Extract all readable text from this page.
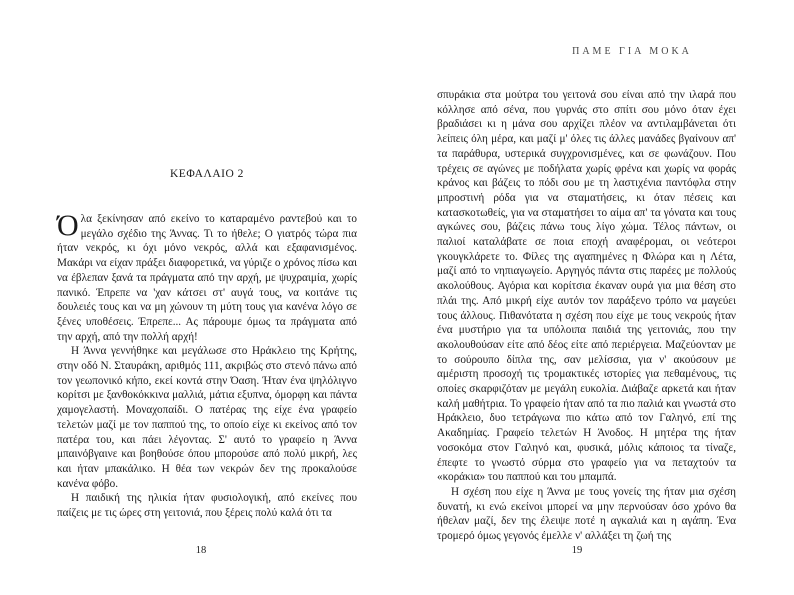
ΚΕΦΑΛΑΙΟ 2

Όλα ξεκίνησαν από εκείνο το καταραμένο ραντεβού και το μεγάλο σχέδιο της Άννας. Τι το ήθελε; Ο γιατρός τώρα πια ήταν νεκρός, κι όχι μόνο νεκρός, αλλά και εξαφανισμένος. Μακάρι να είχαν πράξει διαφορετικά, να γύριζε ο χρόνος πίσω και να έβλεπαν ξανά τα πράγματα από την αρχή, με ψυχραιμία, χωρίς πανικό. Έπρεπε να 'χαν κάτσει στ' αυγά τους, να κοιτάνε τις δουλειές τους και να μη χώνουν τη μύτη τους για κανένα λόγο σε ξένες υποθέσεις. Έπρεπε... Ας πάρουμε όμως τα πράγματα από την αρχή, από την πολλή αρχή!

Η Άννα γεννήθηκε και μεγάλωσε στο Ηράκλειο της Κρήτης, στην οδό Ν. Σταυράκη, αριθμός 111, ακριβώς στο στενό πάνω από τον γεωπονικό κήπο, εκεί κοντά στην Όαση. Ήταν ένα ψηλόλιγνο κορίτσι με ξανθοκόκκινα μαλλιά, μάτια εξυπνα, όμορφη και πάντα χαμογελαστή. Μοναχοπαίδι. Ο πατέρας της είχε ένα γραφείο τελετών μαζί με τον παππού της, το οποίο είχε κι εκείνος από τον πατέρα του, και πάει λέγοντας. Σ' αυτό το γραφείο η Άννα μπαινόβγαινε και βοηθούσε όπου μπορούσε από πολύ μικρή, λες και ήταν μπακάλικο. Η θέα των νεκρών δεν της προκαλούσε κανένα φόβο.

Η παιδική της ηλικία ήταν φυσιολογική, από εκείνες που παίζεις με τις ώρες στη γειτονιά, που ξέρεις πολύ καλά ότι τα

18
ΠΑΜΕ ΓΙΑ ΜΟΚΑ

σπυράκια στα μούτρα του γειτονά σου είναι από την ιλαρά που κόλλησε από σένα, που γυρνάς στο σπίτι σου μόνο όταν έχει βραδιάσει κι η μάνα σου αρχίζει πλέον να αντιλαμβάνεται ότι λείπεις όλη μέρα, και μαζί μ' όλες τις άλλες μανάδες βγαίνουν απ' τα παράθυρα, υστερικά συγχρονισμένες, και σε φωνάζουν. Που τρέχεις σε αγώνες με ποδήλατα χωρίς φρένα και χωρίς να φοράς κράνος και βάζεις το πόδι σου με τη λαστιχένια παντόφλα στην μπροστινή ρόδα για να σταματήσεις, κι όταν πέσεις και κατασκοτωθείς, για να σταματήσει το αίμα απ' τα γόνατα και τους αγκώνες σου, βάζεις πάνω τους λίγο χώμα. Τέλος πάντων, οι παλιοί καταλάβατε σε ποια εποχή αναφέρομαι, οι νεότεροι γκουγκλάρετε το. Φίλες της αγαπημένες η Φλώρα και η Λέτα, μαζί από το νηπιαγωγείο. Αργηγός πάντα στις παρέες με πολλούς ακολούθους. Αγόρια και κορίτσια έκαναν ουρά για μια θέση στο πλάι της. Από μικρή είχε αυτόν τον παράξενο τρόπο να μαγεύει τους άλλους. Πιθανότατα η σχέση που είχε με τους νεκρούς ήταν ένα μυστήριο για τα υπόλοιπα παιδιά της γειτονιάς, που την ακολουθούσαν είτε από δέος είτε από περιέργεια. Μαζεύονταν με το σούρουπο δίπλα της, σαν μελίσσια, για ν' ακούσουν με αμέριστη προσοχή τις τρομακτικές ιστορίες για πεθαμένους, τις οποίες σκαρφιζόταν με μεγάλη ευκολία. Διάβαζε αρκετά και ήταν καλή μαθήτρια. Το γραφείο ήταν από τα πιο παλιά και γνωστά στο Ηράκλειο, δυο τετράγωνα πιο κάτω από τον Γαληνό, επί της Ακαδημίας. Γραφείο τελετών Η Άνοδος. Η μητέρα της ήταν νοσοκόμα στον Γαληνό και, φυσικά, μόλις κάποιος τα τίναζε, έπεφτε το γνωστό σύρμα στο γραφείο για να πεταχτούν τα «κοράκια» του παππού και του μπαμπά.

Η σχέση που είχε η Άννα με τους γονείς της ήταν μια σχέση δυνατή, κι ενώ εκείνοι μπορεί να μην περνούσαν όσο χρόνο θα ήθελαν μαζί, δεν της έλειψε ποτέ η αγκαλιά και η αγάπη. Ένα τρομερό όμως γεγονός έμελλε ν' αλλάξει τη ζωή της

19
